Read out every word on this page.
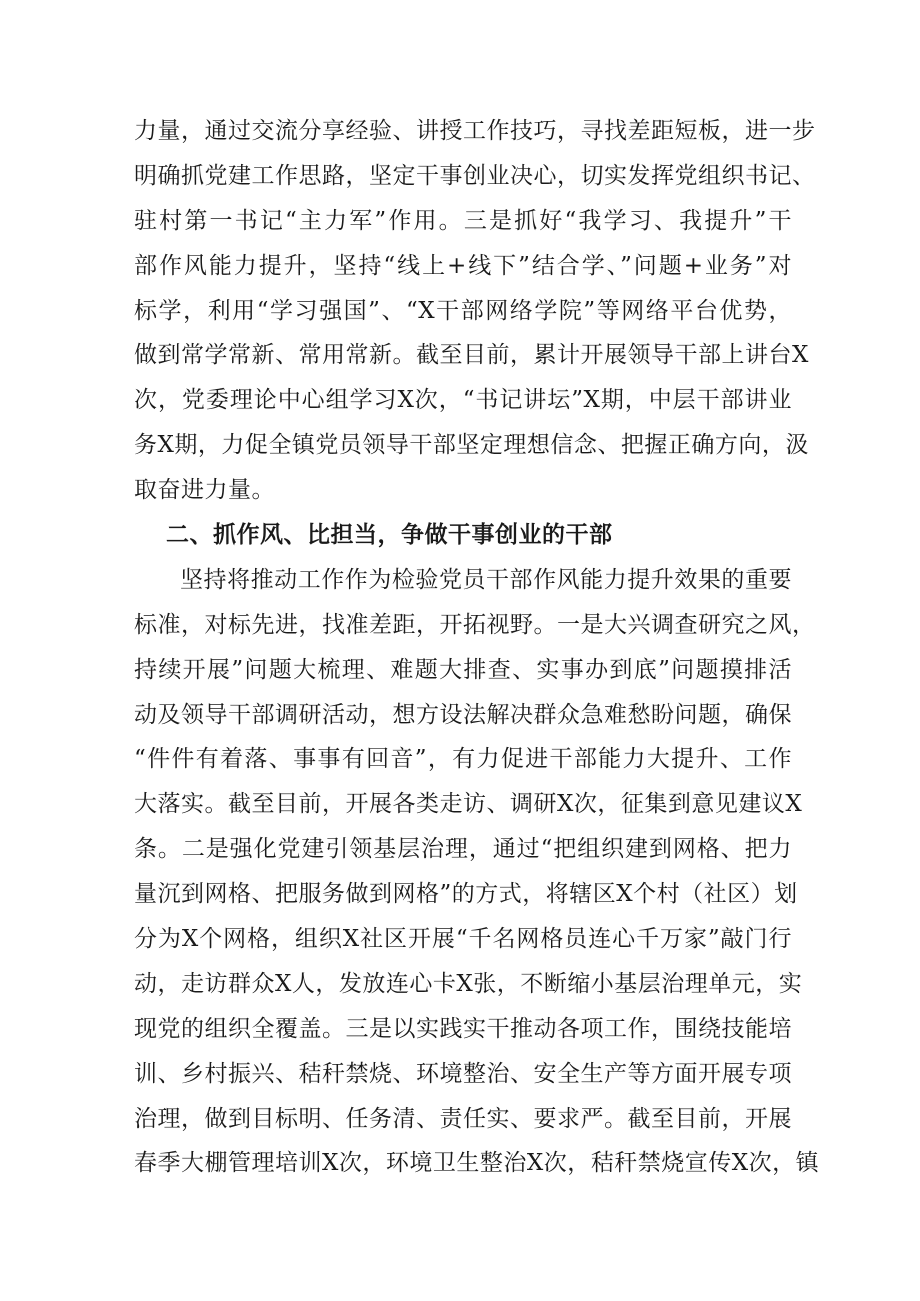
力量，通过交流分享经验、讲授工作技巧，寻找差距短板，进一步
明确抓党建工作思路，坚定干事创业决心，切实发挥党组织书记、
驻村第一书记“主力军”作用。三是抓好“我学习、我提升”干
部作风能力提升，坚持“线上+线下”结合学、”问题+业务”对
标学，利用“学习强国”、“X干部网络学院”等网络平台优势，
做到常学常新、常用常新。截至目前，累计开展领导干部上讲台X
次，党委理论中心组学习X次，“书记讲坛”X期，中层干部讲业
务X期，力促全镇党员领导干部坚定理想信念、把握正确方向，汲
取奋进力量。
二、抓作风、比担当，争做干事创业的干部
坚持将推动工作作为检验党员干部作风能力提升效果的重要
标准，对标先进，找准差距，开拓视野。一是大兴调查研究之风，
持续开展”问题大梳理、难题大排查、实事办到底”问题摸排活
动及领导干部调研活动，想方设法解决群众急难愁盼问题，确保
“件件有着落、事事有回音”，有力促进干部能力大提升、工作
大落实。截至目前，开展各类走访、调研X次，征集到意见建议X
条。二是强化党建引领基层治理，通过“把组织建到网格、把力
量沉到网格、把服务做到网格”的方式，将辖区X个村（社区）划
分为X个网格，组织X社区开展“千名网格员连心千万家”敲门行
动，走访群众X人，发放连心卡X张，不断缩小基层治理单元，实
现党的组织全覆盖。三是以实践实干推动各项工作，围绕技能培
训、乡村振兴、秸秆禁烧、环境整治、安全生产等方面开展专项
治理，做到目标明、任务清、责任实、要求严。截至目前，开展
春季大棚管理培训X次，环境卫生整治X次，秸秆禁烧宣传X次，镇
